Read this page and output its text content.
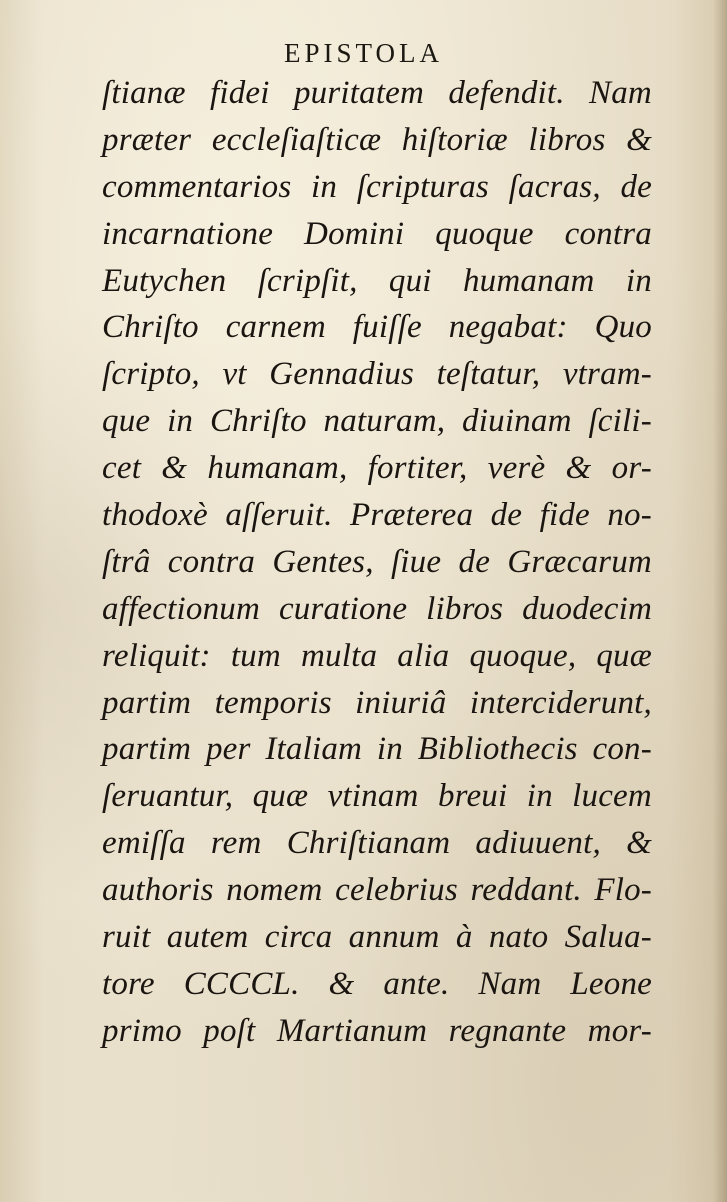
EPISTOLA
ſtianæ fidei puritatem defendit. Nam
præter eccleſiaſticæ hiſtoriæ libros &
commentarios in ſcripturas ſacras, de
incarnatione Domini quoque contra
Eutychen ſcripſit, qui humanam in
Chriſto carnem fuiſſe negabat: Quo
ſcripto, vt Gennadius teſtatur, vtram-
que in Chriſto naturam, diuinam ſcili-
cet & humanam, fortiter, verè & or-
thodoxè aſſeruit. Præterea de fide no-
ſtrâ contra Gentes, ſiue de Græcarum
affectionum curatione libros duodecim
reliquit: tum multa alia quoque, quæ
partim temporis iniuriâ interciderunt,
partim per Italiam in Bibliothecis con-
ſeruantur, quæ vtinam breui in lucem
emiſſa rem Chriſtianam adiuuent, &
authoris nomem celebrius reddant. Flo-
ruit autem circa annum à nato Salua-
tore CCCCL. & ante. Nam Leone
primo poſt Martianum regnante mor-
